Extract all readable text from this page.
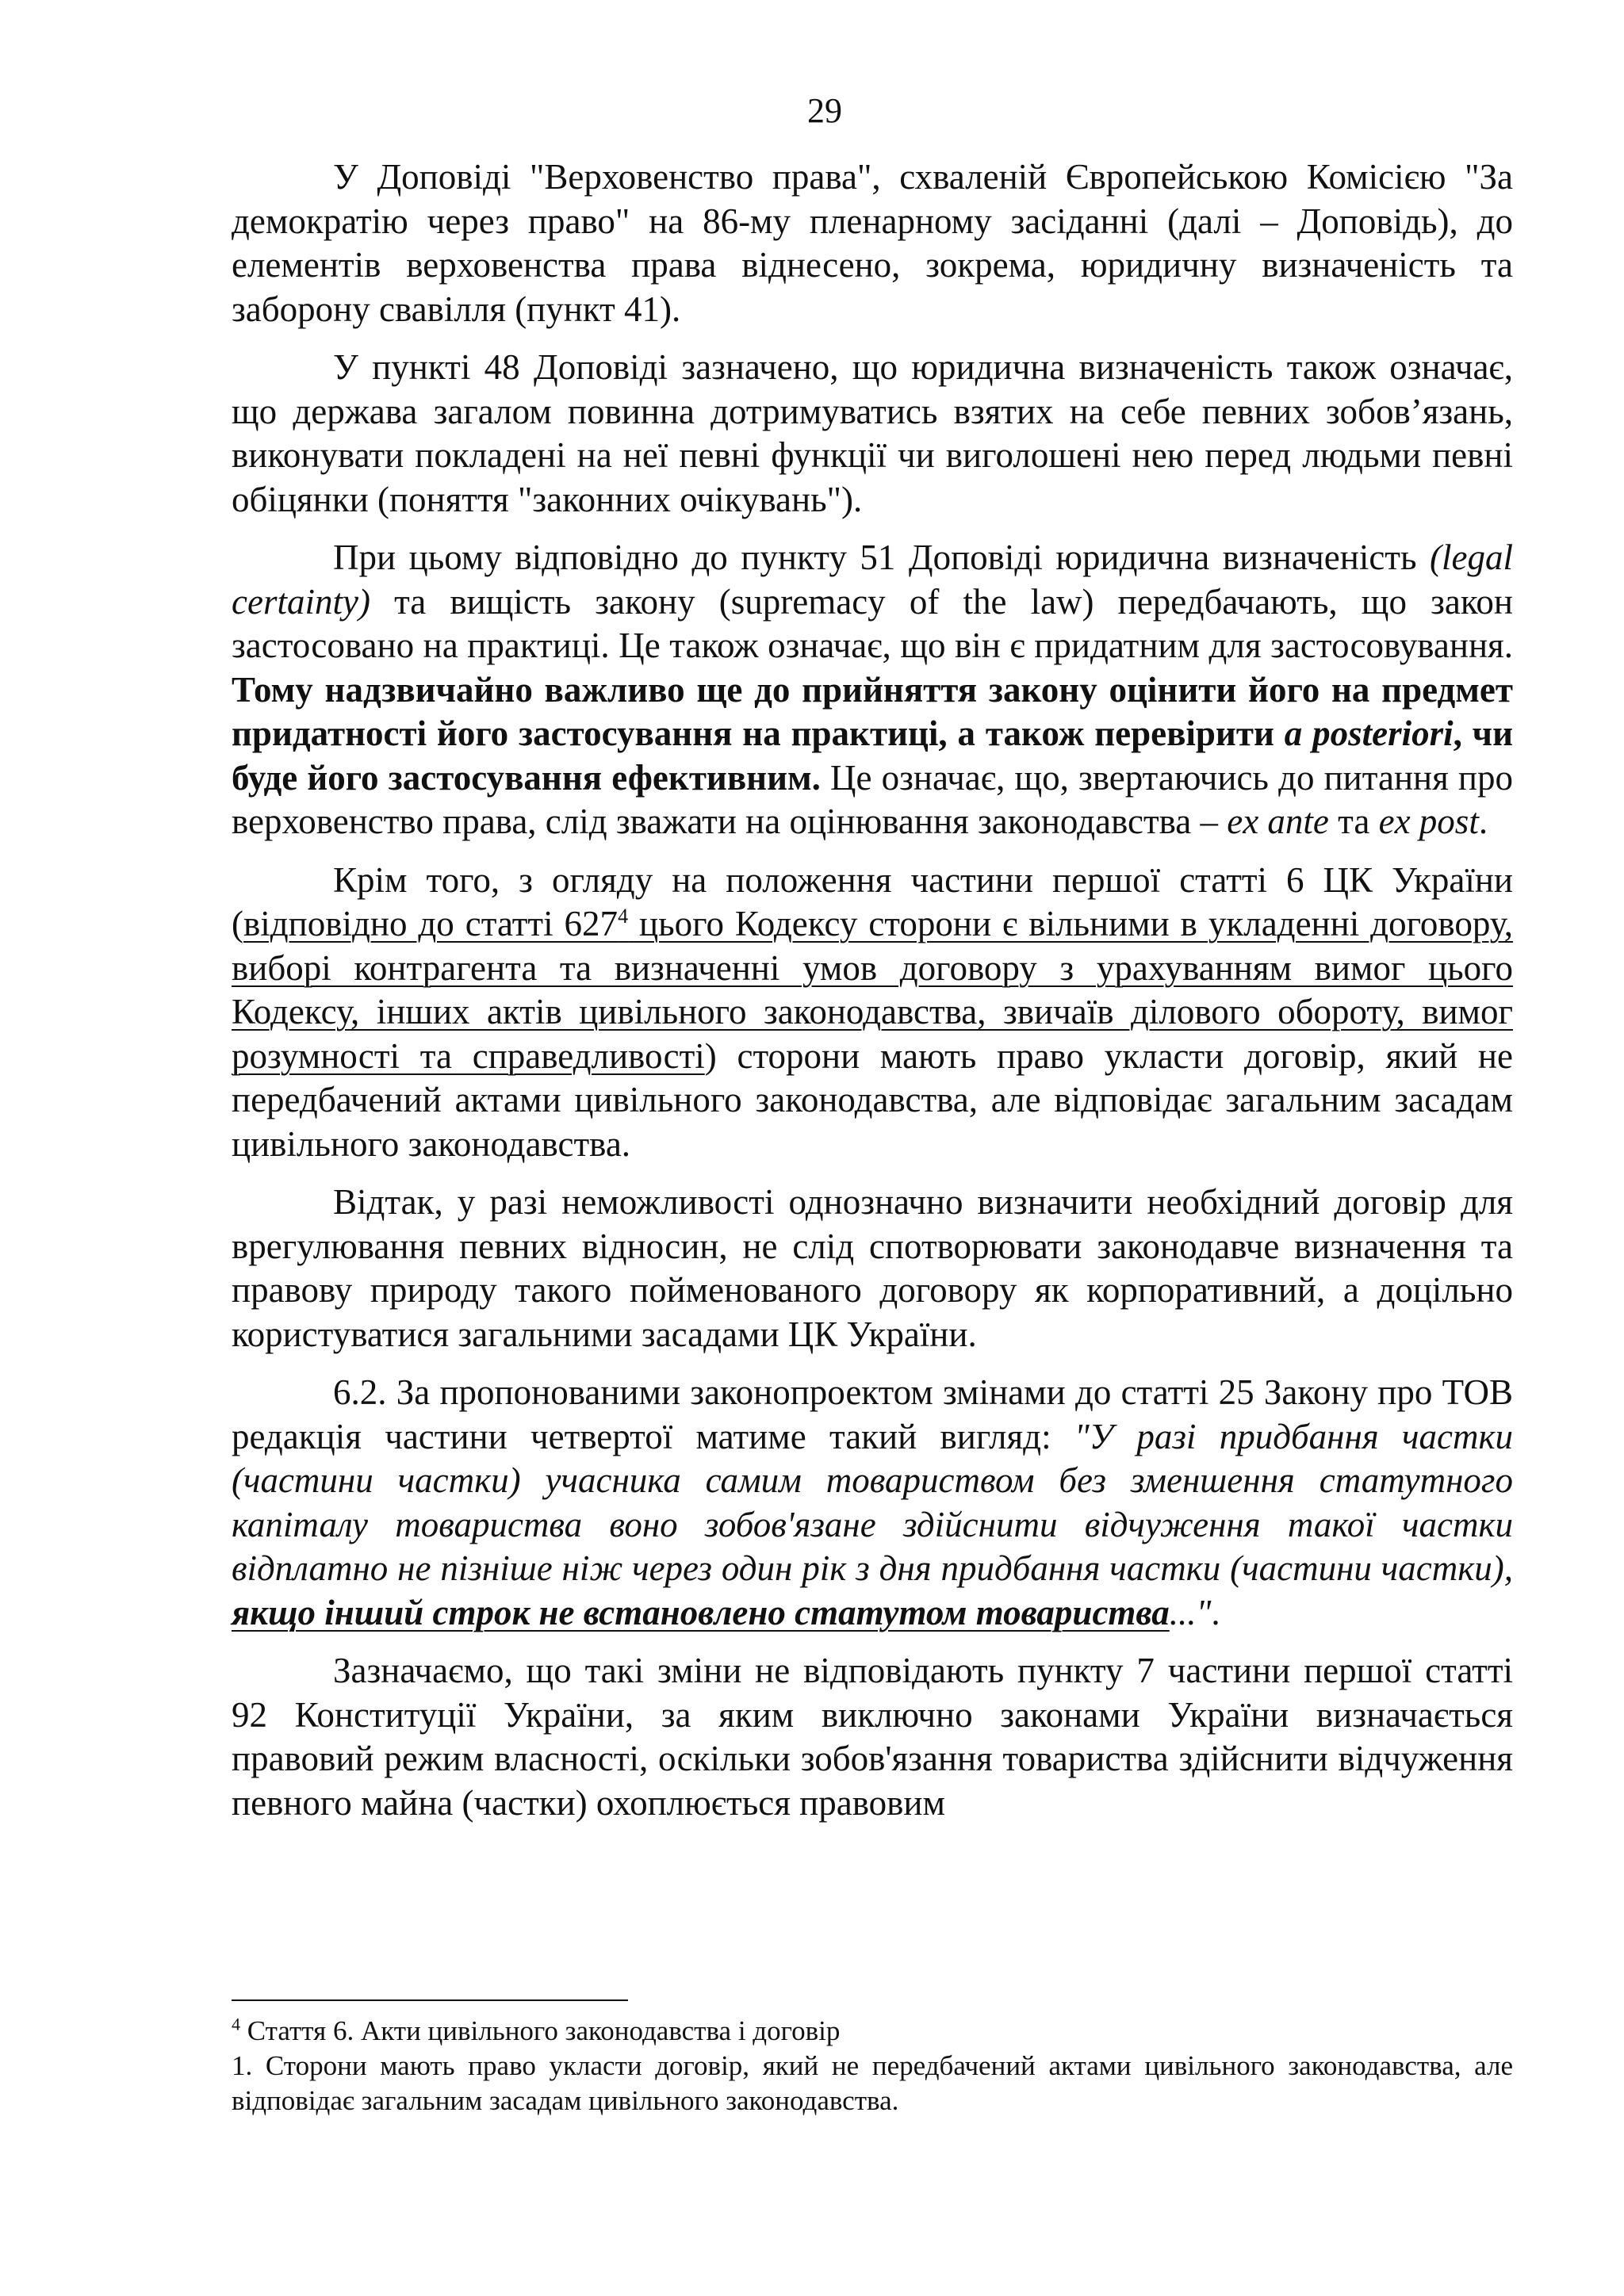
29

У Доповіді "Верховенство права", схваленій Європейською Комісією "За демократію через право" на 86-му пленарному засіданні (далі – Доповідь), до елементів верховенства права віднесено, зокрема, юридичну визначеність та заборону свавілля (пункт 41).

У пункті 48 Доповіді зазначено, що юридична визначеність також означає, що держава загалом повинна дотримуватись взятих на себе певних зобов’язань, виконувати покладені на неї певні функції чи виголошені нею перед людьми певні обіцянки (поняття "законних очікувань").

При цьому відповідно до пункту 51 Доповіді юридична визначеність (legal certainty) та вищість закону (supremacy of the law) передбачають, що закон застосовано на практиці. Це також означає, що він є придатним для застосовування. Тому надзвичайно важливо ще до прийняття закону оцінити його на предмет придатності його застосування на практиці, а також перевірити a posteriori, чи буде його застосування ефективним. Це означає, що, звертаючись до питання про верховенство права, слід зважати на оцінювання законодавства – ex ante та ex post.

Крім того, з огляду на положення частини першої статті 6 ЦК України (відповідно до статті $627^4$ цього Кодексу сторони є вільними в укладенні договору, виборі контрагента та визначенні умов договору з урахуванням вимог цього Кодексу, інших актів цивільного законодавства, звичаїв ділового обороту, вимог розумності та справедливості) сторони мають право укласти договір, який не передбачений актами цивільного законодавства, але відповідає загальним засадам цивільного законодавства.

Відтак, у разі неможливості однозначно визначити необхідний договір для врегулювання певних відносин, не слід спотворювати законодавче визначення та правову природу такого пойменованого договору як корпоративний, а доцільно користуватися загальними засадами ЦК України.

6.2. За пропонованими законопроектом змінами до статті 25 Закону про ТОВ редакція частини четвертої матиме такий вигляд: "У разі придбання частки (частини частки) учасника самим товариством без зменшення статутного капіталу товариства воно зобов'язане здійснити відчуження такої частки відплатно не пізніше ніж через один рік з дня придбання частки (частини частки), якщо інший строк не встановлено статутом товариства...".

Зазначаємо, що такі зміни не відповідають пункту 7 частини першої статті 92 Конституції України, за яким виключно законами України визначається правовий режим власності, оскільки зобов'язання товариства здійснити відчуження певного майна (частки) охоплюється правовим

$^4$ Стаття 6. Акти цивільного законодавства і договір

1. Сторони мають право укласти договір, який не передбачений актами цивільного законодавства, але відповідає загальним засадам цивільного законодавства.
